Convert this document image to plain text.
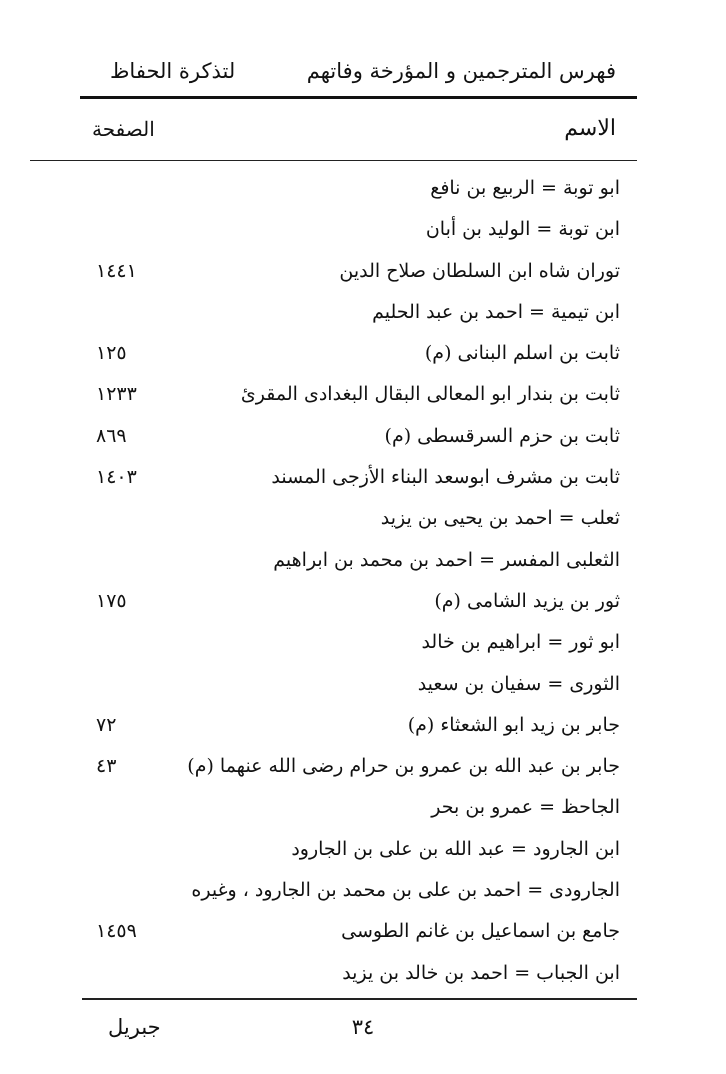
فهرس المترجمين و المؤرخة وفاتهم
لتذكرة الحفاظ
الاسم
الصفحة
ابو توبة = الربيع بن نافع
ابن توبة = الوليد بن أبان
توران شاه ابن السلطان صلاح الدين
١٤٤١
ابن تيمية = احمد بن عبد الحليم
ثابت بن اسلم البنانى (م)
١٢٥
ثابت بن بندار ابو المعالى البقال البغدادى المقرئ
١٢٣٣
ثابت بن حزم السرقسطى (م)
٨٦٩
ثابت بن مشرف ابوسعد البناء الأزجى المسند
١٤٠٣
ثعلب = احمد بن يحيى بن يزيد
الثعلبى المفسر = احمد بن محمد بن ابراهيم
ثور بن يزيد الشامى (م)
١٧٥
ابو ثور = ابراهيم بن خالد
الثورى = سفيان بن سعيد
جابر بن زيد ابو الشعثاء (م)
٧٢
جابر بن عبد الله بن عمرو بن حرام رضى الله عنهما (م)
٤٣
الجاحظ = عمرو بن بحر
ابن الجارود = عبد الله بن على بن الجارود
الجارودى = احمد بن على بن محمد بن الجارود ، وغيره
جامع بن اسماعيل بن غانم الطوسى
١٤٥٩
ابن الجباب = احمد بن خالد بن يزيد
٣٤
جبريل
